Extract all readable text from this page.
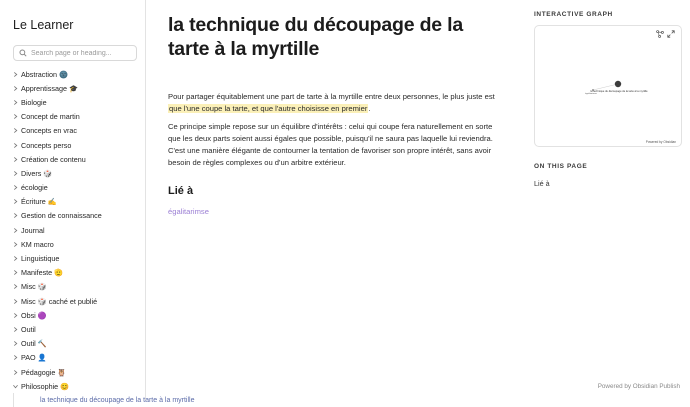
Le Learner
Search page or heading...
Abstraction 🌚
Apprentissage 🎓
Biologie
Concept de martin
Concepts en vrac
Concepts perso
Création de contenu
Divers 🎲
écologie
Écriture ✍️
Gestion de connaissance
Journal
KM macro
Linguistique
Manifeste 🫡
Misc 🎲
Misc 🎲 caché et publié
Obsi 🟣
Outil
Outil 🔨
PAO 👤
Pédagogie 🦉
Philosophie 😊
la technique du découpage de la tarte à la myrtille
la technique du découpage de la tarte à la myrtille

Pour partager équitablement une part de tarte à la myrtille entre deux personnes, le plus juste est que l'une coupe la tarte, et que l'autre choisisse en premier.

Ce principe simple repose sur un équilibre d'intérêts : celui qui coupe fera naturellement en sorte que les deux parts soient aussi égales que possible, puisqu'il ne saura pas laquelle lui reviendra. C'est une manière élégante de contourner la tentation de favoriser son propre intérêt, sans avoir besoin de règles complexes ou d'un arbitre extérieur.

Lié à
égalitarimse
INTERACTIVE GRAPH
la technique du découpage de la tarte à la myrtille
égalitarimse
Powered by Obsidian
ON THIS PAGE
Lié à
Powered by Obsidian Publish
